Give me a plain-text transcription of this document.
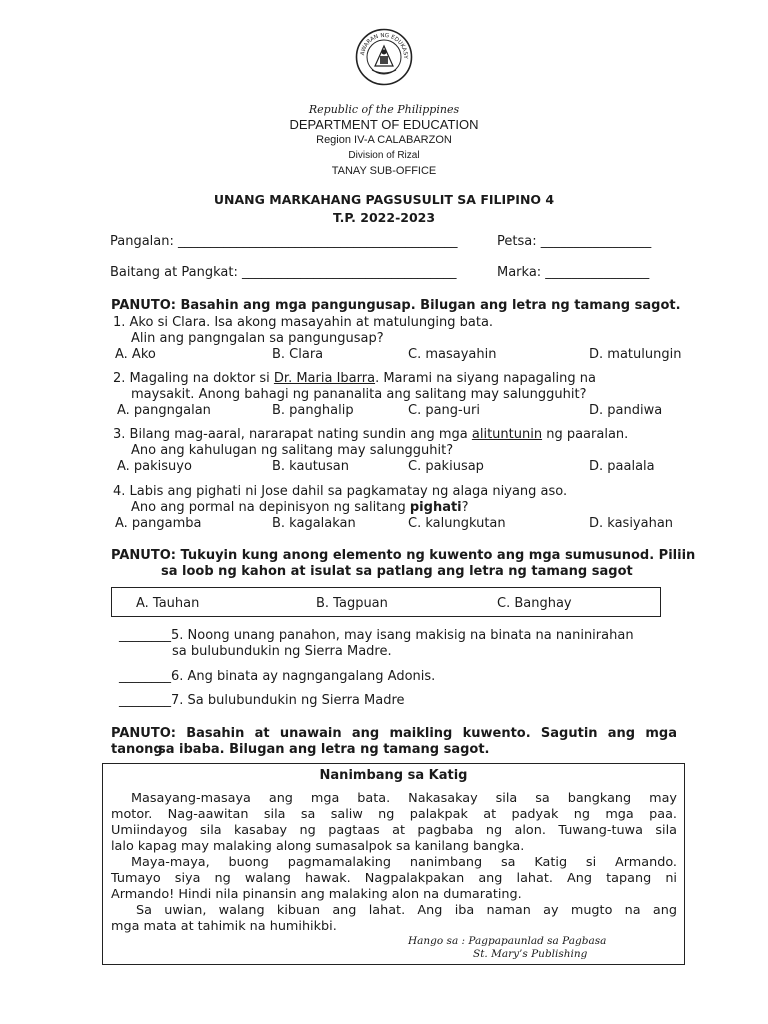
AWARAN NG EDUKASY
Republic of the Philippines
DEPARTMENT OF EDUCATION
Region IV-A CALABARZON
Division of Rizal
TANAY SUB-OFFICE
UNANG MARKAHANG PAGSUSULIT SA FILIPINO 4
T.P. 2022-2023
Pangalan: ___________________________________________	Petsa: _________________
Baitang at Pangkat: _________________________________	Marka: ________________
PANUTO: Basahin ang mga pangungusap. Bilugan ang letra ng tamang sagot.
1. Ako si Clara. Isa akong masayahin at matulunging bata.
Alin ang pangngalan sa pangungusap?
A. Ako	B. Clara	C. masayahin	D. matulungin
2. Magaling na doktor si Dr. Maria Ibarra. Marami na siyang napagaling na
maysakit. Anong bahagi ng pananalita ang salitang may salungguhit?
A. pangngalan	B. panghalip	C. pang-uri	D. pandiwa
3. Bilang mag-aaral, nararapat nating sundin ang mga alituntunin ng paaralan.
Ano ang kahulugan ng salitang may salungguhit?
A. pakisuyo	B. kautusan	C. pakiusap	D. paalala
4. Labis ang pighati ni Jose dahil sa pagkamatay ng alaga niyang aso.
Ano ang pormal na depinisyon ng salitang pighati?
A. pangamba	B. kagalakan	C. kalungkutan	D. kasiyahan
PANUTO: Tukuyin kung anong elemento ng kuwento ang mga sumusunod. Piliin
sa loob ng kahon at isulat sa patlang ang letra ng tamang sagot
A. Tauhan	B. Tagpuan	C. Banghay
________5. Noong unang panahon, may isang makisig na binata na naninirahan
sa bulubundukin ng Sierra Madre.
________6. Ang binata ay nagngangalang Adonis.
________7. Sa bulubundukin ng Sierra Madre
PANUTO: Basahin at unawain ang maikling kuwento. Sagutin ang mga tanong
sa ibaba. Bilugan ang letra ng tamang sagot.
Nanimbang sa Katig
Masayang-masaya ang mga bata. Nakasakay sila sa bangkang may
motor. Nag-aawitan sila sa saliw ng palakpak at padyak ng mga paa.
Umiindayog sila kasabay ng pagtaas at pagbaba ng alon. Tuwang-tuwa sila
lalo kapag may malaking along sumasalpok sa kanilang bangka.
Maya-maya, buong pagmamalaking nanimbang sa Katig si Armando.
Tumayo siya ng walang hawak. Nagpalakpakan ang lahat. Ang tapang ni
Armando! Hindi nila pinansin ang malaking alon na dumarating.
Sa uwian, walang kibuan ang lahat. Ang iba naman ay mugto na ang
mga mata at tahimik na humihikbi.
Hango sa : Pagpapaunlad sa Pagbasa
St. Mary’s Publishing
